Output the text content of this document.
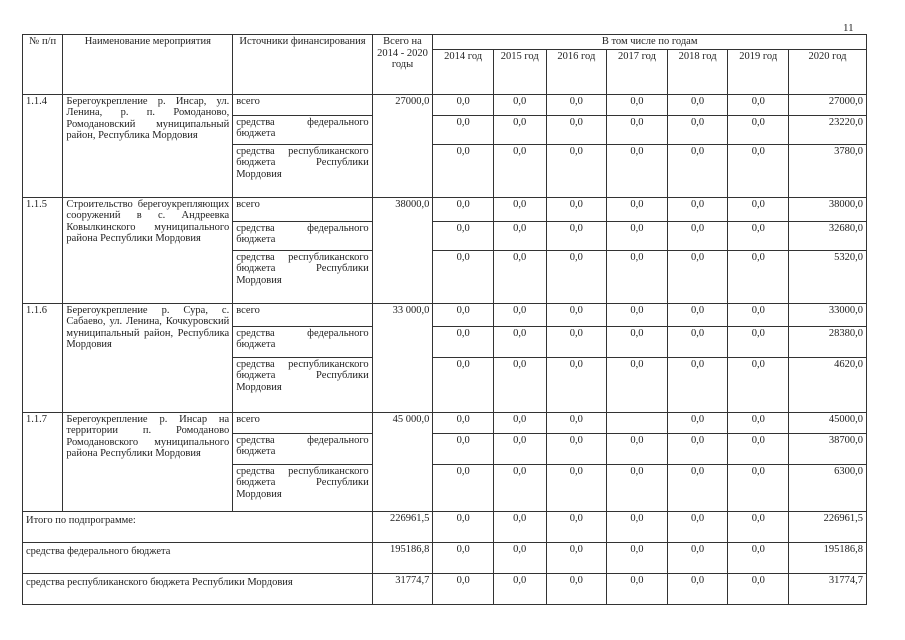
11
№ п/п	Наименование мероприятия	Источники финансирования	Всего на 2014 - 2020 годы	В том числе по годам						
				2014 год	2015 год	2016 год	2017 год	2018 год	2019 год	2020 год
1.1.4	Берегоукрепление р. Инсар, ул. Ленина, р. п. Ромоданово, Ромодановский муниципальный район, Республика Мордовия	всего	27000,0	0,0	0,0	0,0	0,0	0,0	0,0	27000,0
		средства федерального бюджета		0,0	0,0	0,0	0,0	0,0	0,0	23220,0
		средства республиканского бюджета Республики Мордовия		0,0	0,0	0,0	0,0	0,0	0,0	3780,0
1.1.5	Строительство берегоукрепляющих сооружений в с. Андреевка Ковылкинского муниципального района Республики Мордовия	всего	38000,0	0,0	0,0	0,0	0,0	0,0	0,0	38000,0
		средства федерального бюджета		0,0	0,0	0,0	0,0	0,0	0,0	32680,0
		средства республиканского бюджета Республики Мордовия		0,0	0,0	0,0	0,0	0,0	0,0	5320,0
1.1.6	Берегоукрепление р. Сура, с. Сабаево, ул. Ленина, Кочкуровский муниципальный район, Республика Мордовия	всего	33 000,0	0,0	0,0	0,0	0,0	0,0	0,0	33000,0
		средства федерального бюджета		0,0	0,0	0,0	0,0	0,0	0,0	28380,0
		средства республиканского бюджета Республики Мордовия		0,0	0,0	0,0	0,0	0,0	0,0	4620,0
1.1.7	Берегоукрепление р. Инсар на территории п. Ромоданово Ромодановского муниципального района Республики Мордовия	всего	45 000,0	0,0	0,0	0,0		0,0	0,0	45000,0
		средства федерального бюджета		0,0	0,0	0,0	0,0	0,0	0,0	38700,0
		средства республиканского бюджета Республики Мордовия		0,0	0,0	0,0	0,0	0,0	0,0	6300,0
Итого по подпрограмме:			226961,5	0,0	0,0	0,0	0,0	0,0	0,0	226961,5
средства федерального бюджета			195186,8	0,0	0,0	0,0	0,0	0,0	0,0	195186,8
средства республиканского бюджета Республики Мордовия			31774,7	0,0	0,0	0,0	0,0	0,0	0,0	31774,7
